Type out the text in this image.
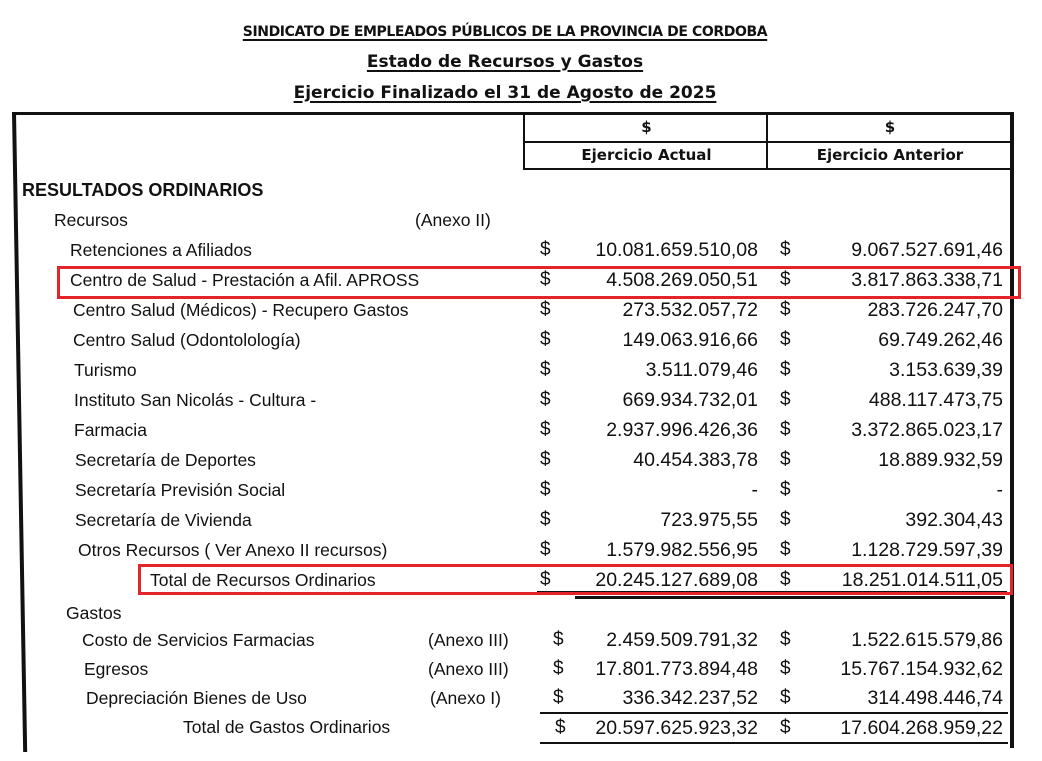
SINDICATO DE EMPLEADOS PÚBLICOS DE LA PROVINCIA DE CORDOBA
Estado de Recursos y Gastos
Ejercicio Finalizado el 31 de Agosto de 2025
$
Ejercicio Actual
$
Ejercicio Anterior
RESULTADOS ORDINARIOS
Recursos	(Anexo II)
Retenciones a Afiliados	$	10.081.659.510,08 $	9.067.527.691,46
Centro de Salud - Prestación a Afil. APROSS	$	4.508.269.050,51 $	3.817.863.338,71
Centro Salud (Médicos) - Recupero Gastos	$	273.532.057,72 $	283.726.247,70
Centro Salud (Odontolología)	$	149.063.916,66 $	69.749.262,46
Turismo	$	3.511.079,46 $	3.153.639,39
Instituto San Nicolás - Cultura -	$	669.934.732,01 $	488.117.473,75
Farmacia	$	2.937.996.426,36 $	3.372.865.023,17
Secretaría de Deportes	$	40.454.383,78 $	18.889.932,59
Secretaría Previsión Social	$	- $	-
Secretaría de Vivienda	$	723.975,55 $	392.304,43
Otros Recursos ( Ver Anexo II recursos)	$	1.579.982.556,95 $	1.128.729.597,39
Total de Recursos Ordinarios	$	20.245.127.689,08 $	18.251.014.511,05
Gastos
Costo de Servicios Farmacias	(Anexo III) $	2.459.509.791,32 $	1.522.615.579,86
Egresos	(Anexo III) $	17.801.773.894,48 $	15.767.154.932,62
Depreciación Bienes de Uso	(Anexo I)	$	336.342.237,52 $	314.498.446,74
Total de Gastos Ordinarios	$	20.597.625.923,32 $	17.604.268.959,22
